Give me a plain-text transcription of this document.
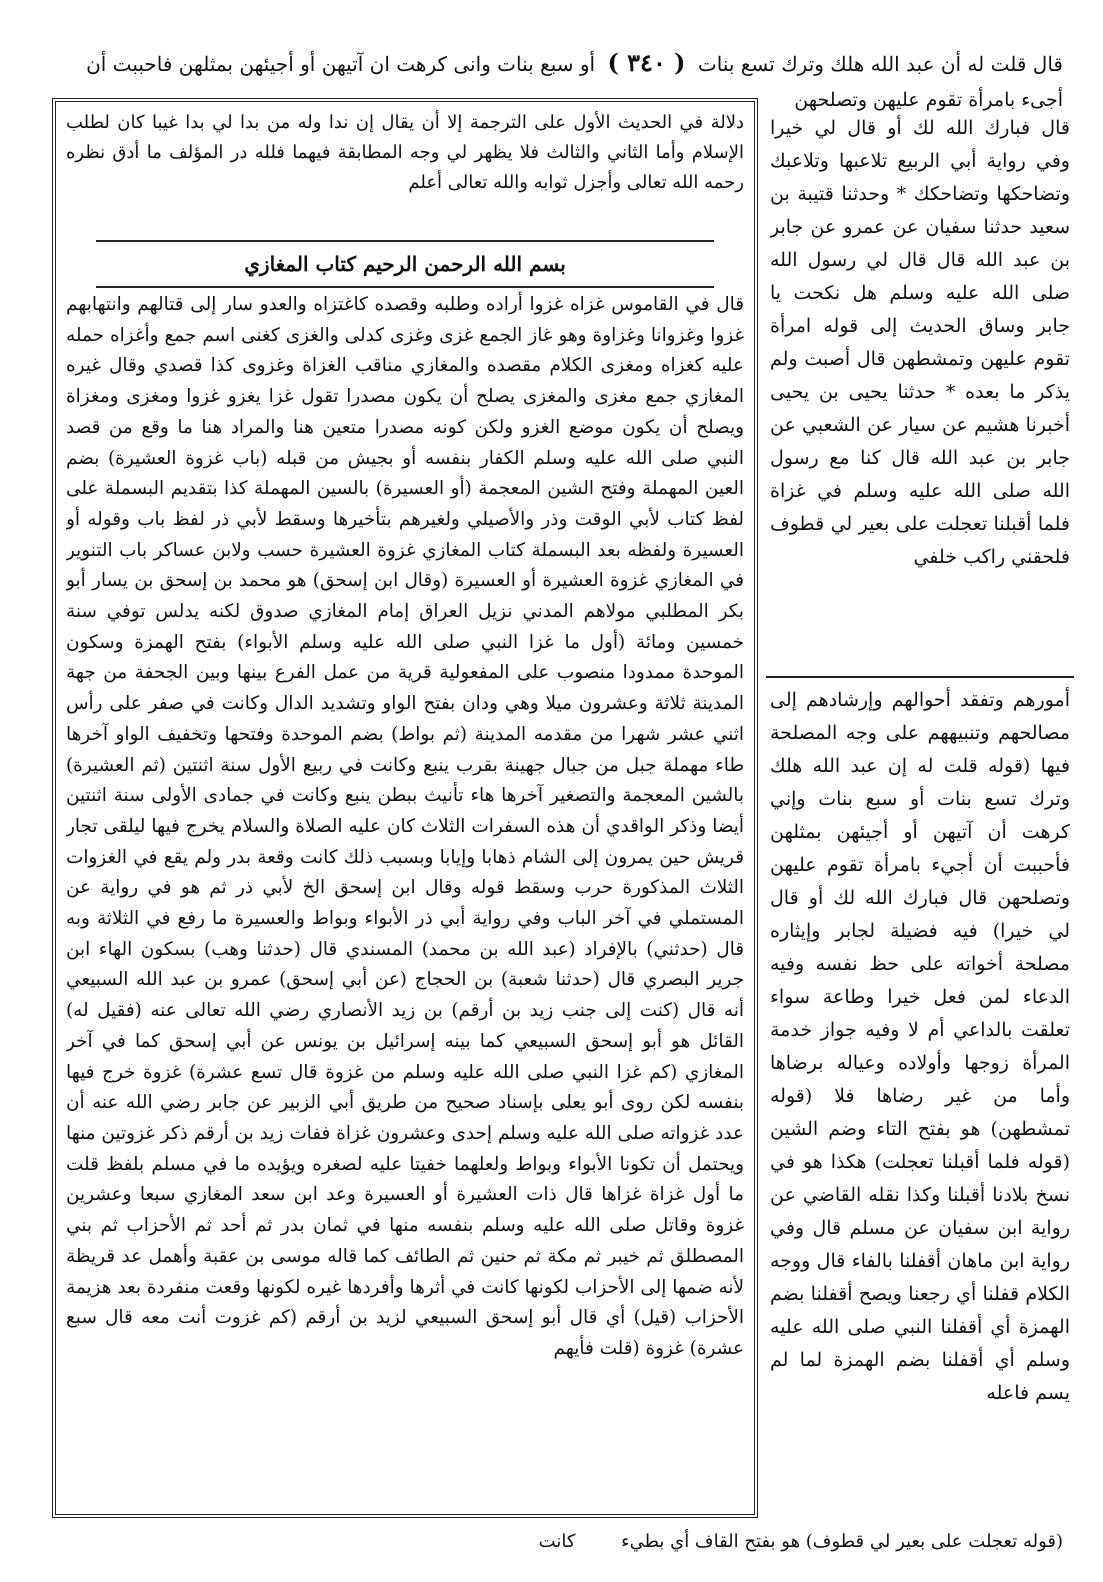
قال قلت له أن عبد الله هلك وترك تسع بنات ( ٣٤٠ ) أو سبع بنات وانى كرهت ان آتيهن أو أجيئهن بمثلهن فاحببت أن
أجىء بامرأة تقوم عليهن وتصلحهن
دلالة في الحديث الأول على الترجمة إلا أن يقال إن ندا وله من بدا لي بدا غيبا كان لطلب الإسلام وأما الثاني والثالث فلا يظهر لي وجه المطابقة فيهما فلله در المؤلف ما أدق نظره رحمه الله تعالى وأجزل ثوابه والله تعالى أعلم
بسم الله الرحمن الرحيم كتاب المغازي
قال في القاموس غزاه غزوا أراده وطلبه وقصده كاغتزاه والعدو سار إلى قتالهم وانتهابهم غزوا وغزوانا وغزاوة وهو غاز الجمع غزى وغزى كدلى والغزى كغنى اسم جمع وأغزاه حمله عليه كغزاه ومغزى الكلام مقصده والمغازي مناقب الغزاة وغزوى كذا قصدي وقال غيره المغازي جمع مغزى والمغزى يصلح أن يكون مصدرا تقول غزا يغزو غزوا ومغزى ومغزاة ويصلح أن يكون موضع الغزو ولكن كونه مصدرا متعين هنا والمراد هنا ما وقع من قصد النبي صلى الله عليه وسلم الكفار بنفسه أو بجيش من قبله (باب غزوة العشيرة) بضم العين المهملة وفتح الشين المعجمة (أو العسيرة) بالسين المهملة كذا بتقديم البسملة على لفظ كتاب لأبي الوقت وذر والأصيلي ولغيرهم بتأخيرها وسقط لأبي ذر لفظ باب وقوله أو العسيرة ولفظه بعد البسملة كتاب المغازي غزوة العشيرة حسب ولابن عساكر باب التنوير في المغازي غزوة العشيرة أو العسيرة (وقال ابن إسحق) هو محمد بن إسحق بن يسار أبو بكر المطلبي مولاهم المدني نزيل العراق إمام المغازي صدوق لكنه يدلس توفي سنة خمسين ومائة (أول ما غزا النبي صلى الله عليه وسلم الأبواء) بفتح الهمزة وسكون الموحدة ممدودا منصوب على المفعولية قرية من عمل الفرع بينها وبين الجحفة من جهة المدينة ثلاثة وعشرون ميلا وهي ودان بفتح الواو وتشديد الدال وكانت في صفر على رأس اثني عشر شهرا من مقدمه المدينة (ثم بواط) بضم الموحدة وفتحها وتخفيف الواو آخرها طاء مهملة جبل من جبال جهينة بقرب ينبع وكانت في ربيع الأول سنة اثنتين (ثم العشيرة) بالشين المعجمة والتصغير آخرها هاء تأنيث ببطن ينبع وكانت في جمادى الأولى سنة اثنتين أيضا وذكر الواقدي أن هذه السفرات الثلاث كان عليه الصلاة والسلام يخرج فيها ليلقى تجار قريش حين يمرون إلى الشام ذهابا وإيابا وبسبب ذلك كانت وقعة بدر ولم يقع في الغزوات الثلاث المذكورة حرب وسقط قوله وقال ابن إسحق الخ لأبي ذر ثم هو في رواية عن المستملي في آخر الباب وفي رواية أبي ذر الأبواء وبواط والعسيرة ما رفع في الثلاثة وبه قال (حدثني) بالإفراد (عبد الله بن محمد) المسندي قال (حدثنا وهب) بسكون الهاء ابن جرير البصري قال (حدثنا شعبة) بن الحجاج (عن أبي إسحق) عمرو بن عبد الله السبيعي أنه قال (كنت إلى جنب زيد بن أرقم) بن زيد الأنصاري رضي الله تعالى عنه (فقيل له) القائل هو أبو إسحق السبيعي كما بينه إسرائيل بن يونس عن أبي إسحق كما في آخر المغازي (كم غزا النبي صلى الله عليه وسلم من غزوة قال تسع عشرة) غزوة خرج فيها بنفسه لكن روى أبو يعلى بإسناد صحيح من طريق أبي الزبير عن جابر رضي الله عنه أن عدد غزواته صلى الله عليه وسلم إحدى وعشرون غزاة ففات زيد بن أرقم ذكر غزوتين منها ويحتمل أن تكونا الأبواء وبواط ولعلهما خفيتا عليه لصغره ويؤيده ما في مسلم بلفظ قلت ما أول غزاة غزاها قال ذات العشيرة أو العسيرة وعد ابن سعد المغازي سبعا وعشرين غزوة وقاتل صلى الله عليه وسلم بنفسه منها في ثمان بدر ثم أحد ثم الأحزاب ثم بني المصطلق ثم خيبر ثم مكة ثم حنين ثم الطائف كما قاله موسى بن عقبة وأهمل عد قريظة لأنه ضمها إلى الأحزاب لكونها كانت في أثرها وأفردها غيره لكونها وقعت منفردة بعد هزيمة الأحزاب (قيل) أي قال أبو إسحق السبيعي لزيد بن أرقم (كم غزوت أنت معه قال سبع عشرة) غزوة (قلت فأيهم
قال فبارك الله لك أو قال لي خيرا وفي رواية أبي الربيع تلاعبها وتلاعبك وتضاحكها وتضاحكك * وحدثنا قتيبة بن سعيد حدثنا سفيان عن عمرو عن جابر بن عبد الله قال قال لي رسول الله صلى الله عليه وسلم هل نكحت يا جابر وساق الحديث إلى قوله امرأة تقوم عليهن وتمشطهن قال أصبت ولم يذكر ما بعده * حدثنا يحيى بن يحيى أخبرنا هشيم عن سيار عن الشعبي عن جابر بن عبد الله قال كنا مع رسول الله صلى الله عليه وسلم في غزاة فلما أقبلنا تعجلت على بعير لي قطوف فلحقني راكب خلفي
أمورهم وتفقد أحوالهم وإرشادهم إلى مصالحهم وتنبيههم على وجه المصلحة فيها (قوله قلت له إن عبد الله هلك وترك تسع بنات أو سبع بنات وإني كرهت أن آتيهن أو أجيئهن بمثلهن فأحببت أن أجيء بامرأة تقوم عليهن وتصلحهن قال فبارك الله لك أو قال لي خيرا) فيه فضيلة لجابر وإيثاره مصلحة أخواته على حظ نفسه وفيه الدعاء لمن فعل خيرا وطاعة سواء تعلقت بالداعي أم لا وفيه جواز خدمة المرأة زوجها وأولاده وعياله برضاها وأما من غير رضاها فلا (قوله تمشطهن) هو بفتح التاء وضم الشين (قوله فلما أقبلنا تعجلت) هكذا هو في نسخ بلادنا أقبلنا وكذا نقله القاضي عن رواية ابن سفيان عن مسلم قال وفي رواية ابن ماهان أقفلنا بالفاء قال ووجه الكلام قفلنا أي رجعنا ويصح أقفلنا بضم الهمزة أي أقفلنا النبي صلى الله عليه وسلم أي أقفلنا بضم الهمزة لما لم يسم فاعله
(قوله تعجلت على بعير لي قطوف) هو بفتح القاف أي بطيء كانت
